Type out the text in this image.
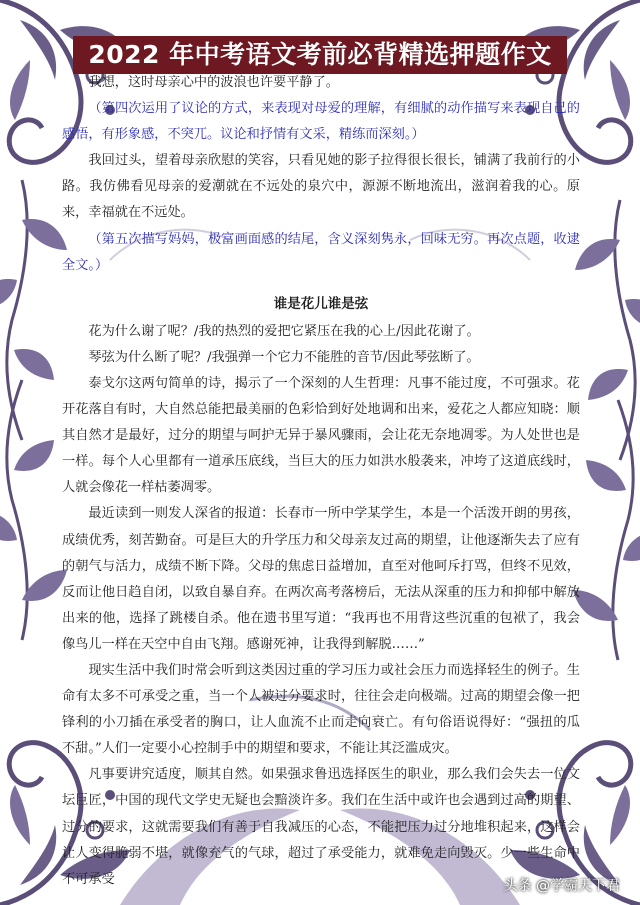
2022 年中考语文考前必背精选押题作文

我想，这时母亲心中的波浪也许要平静了。

（第四次运用了议论的方式，来表现对母爱的理解，有细腻的动作描写来表现自己的感悟，有形象感，不突兀。议论和抒情有文采，精练而深刻。）

我回过头，望着母亲欣慰的笑容，只看见她的影子拉得很长很长，铺满了我前行的小路。我仿佛看见母亲的爱潮就在不远处的泉穴中，源源不断地流出，滋润着我的心。原来，幸福就在不远处。

（第五次描写妈妈，极富画面感的结尾，含义深刻隽永，回味无穷。再次点题，收逮全文。）

谁是花儿谁是弦

花为什么谢了呢？/我的热烈的爱把它紧压在我的心上/因此花谢了。

琴弦为什么断了呢？/我强弹一个它力不能胜的音节/因此琴弦断了。

泰戈尔这两句简单的诗，揭示了一个深刻的人生哲理：凡事不能过度，不可强求。花开花落自有时，大自然总能把最美丽的色彩恰到好处地调和出来，爱花之人都应知晓：顺其自然才是最好，过分的期望与呵护无异于暴风骤雨，会让花无奈地凋零。为人处世也是一样。每个人心里都有一道承压底线，当巨大的压力如洪水般袭来，冲垮了这道底线时，人就会像花一样枯萎凋零。

最近读到一则发人深省的报道：长春市一所中学某学生，本是一个活泼开朗的男孩，成绩优秀，刻苦勤奋。可是巨大的升学压力和父母亲友过高的期望，让他逐渐失去了应有的朝气与活力，成绩不断下降。父母的焦虑日益增加，直至对他呵斥打骂，但终不见效，反而让他日趋自闭，以致自暴自弃。在两次高考落榜后，无法从深重的压力和抑郁中解放出来的他，选择了跳楼自杀。他在遗书里写道：“我再也不用背这些沉重的包袱了，我会像鸟儿一样在天空中自由飞翔。感谢死神，让我得到解脱……”

现实生活中我们时常会听到这类因过重的学习压力或社会压力而选择轻生的例子。生命有太多不可承受之重，当一个人被过分要求时，往往会走向极端。过高的期望会像一把锋利的小刀插在承受者的胸口，让人血流不止而走向衰亡。有句俗语说得好：“强扭的瓜不甜。”人们一定要小心控制手中的期望和要求，不能让其泛滥成灾。

凡事要讲究适度，顺其自然。如果强求鲁迅选择医生的职业，那么我们会失去一位文坛巨匠，中国的现代文学史无疑也会黯淡许多。我们在生活中或许也会遇到过高的期望、过分的要求，这就需要我们有善于自我减压的心态，不能把压力过分地堆积起来，这样会让人变得脆弱不堪，就像充气的气球，超过了承受能力，就难免走向毁灭。少一些生命中不可承受	头条 @学霸天下君
